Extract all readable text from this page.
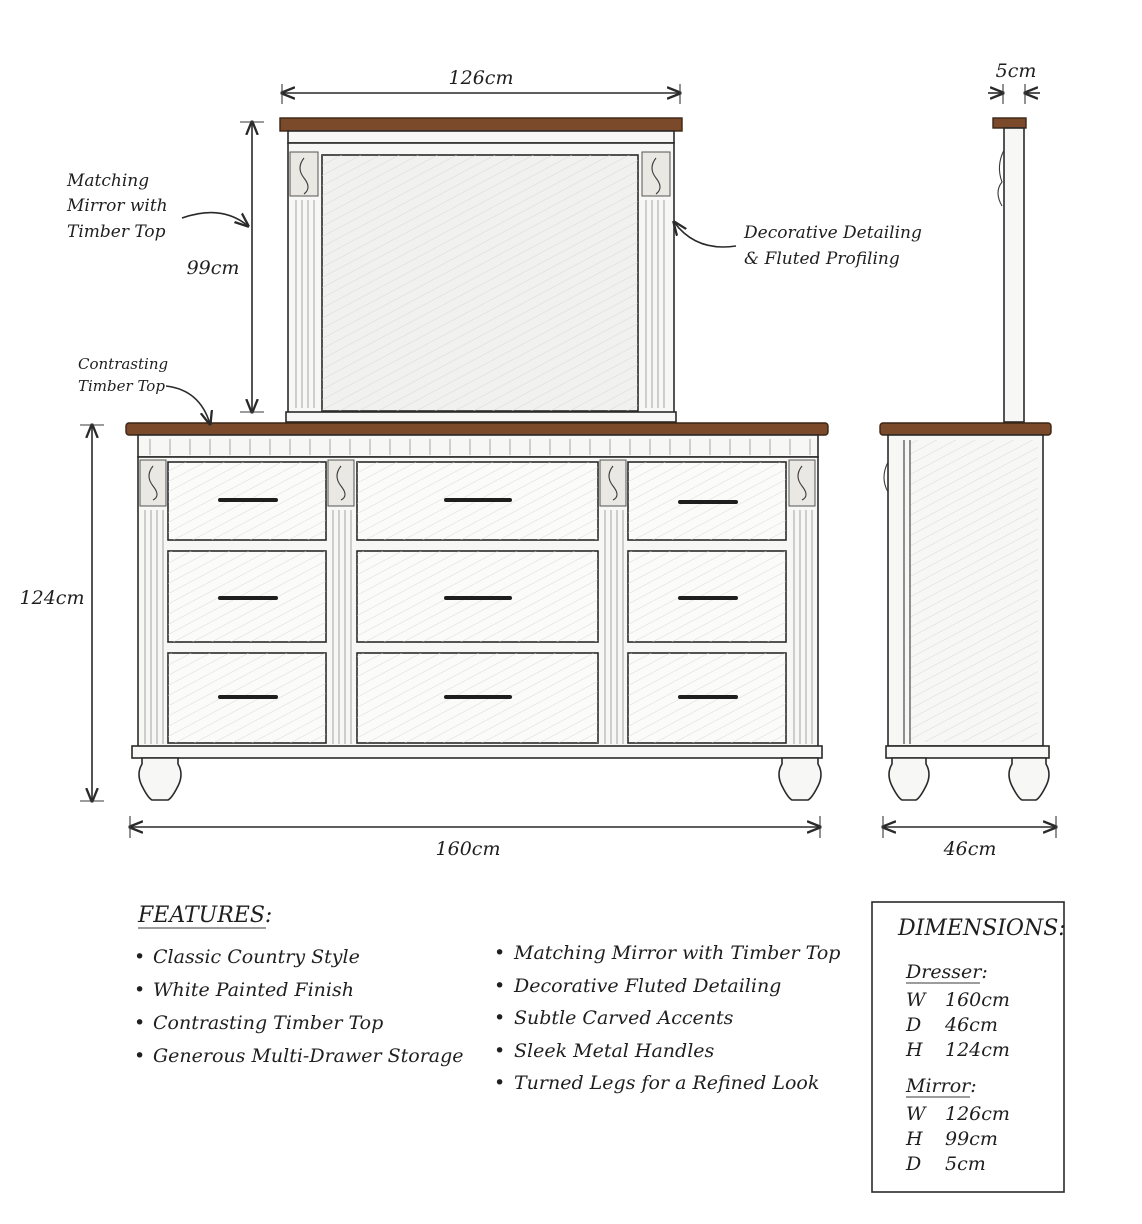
126cm	5cm
99cm
124cm
160cm	46cm
Matching
Mirror with
Timber Top	Decorative Detailing
& Fluted Profiling
Contrasting
Timber Top
FEATURES:
• Classic Country Style
• White Painted Finish
• Contrasting Timber Top
• Generous Multi-Drawer Storage
• Matching Mirror with Timber Top
• Decorative Fluted Detailing
• Subtle Carved Accents
• Sleek Metal Handles
• Turned Legs for a Refined Look
DIMENSIONS:
Dresser:
W 160cm
D 46cm
H 124cm
Mirror:
W 126cm
H 99cm
D 5cm
